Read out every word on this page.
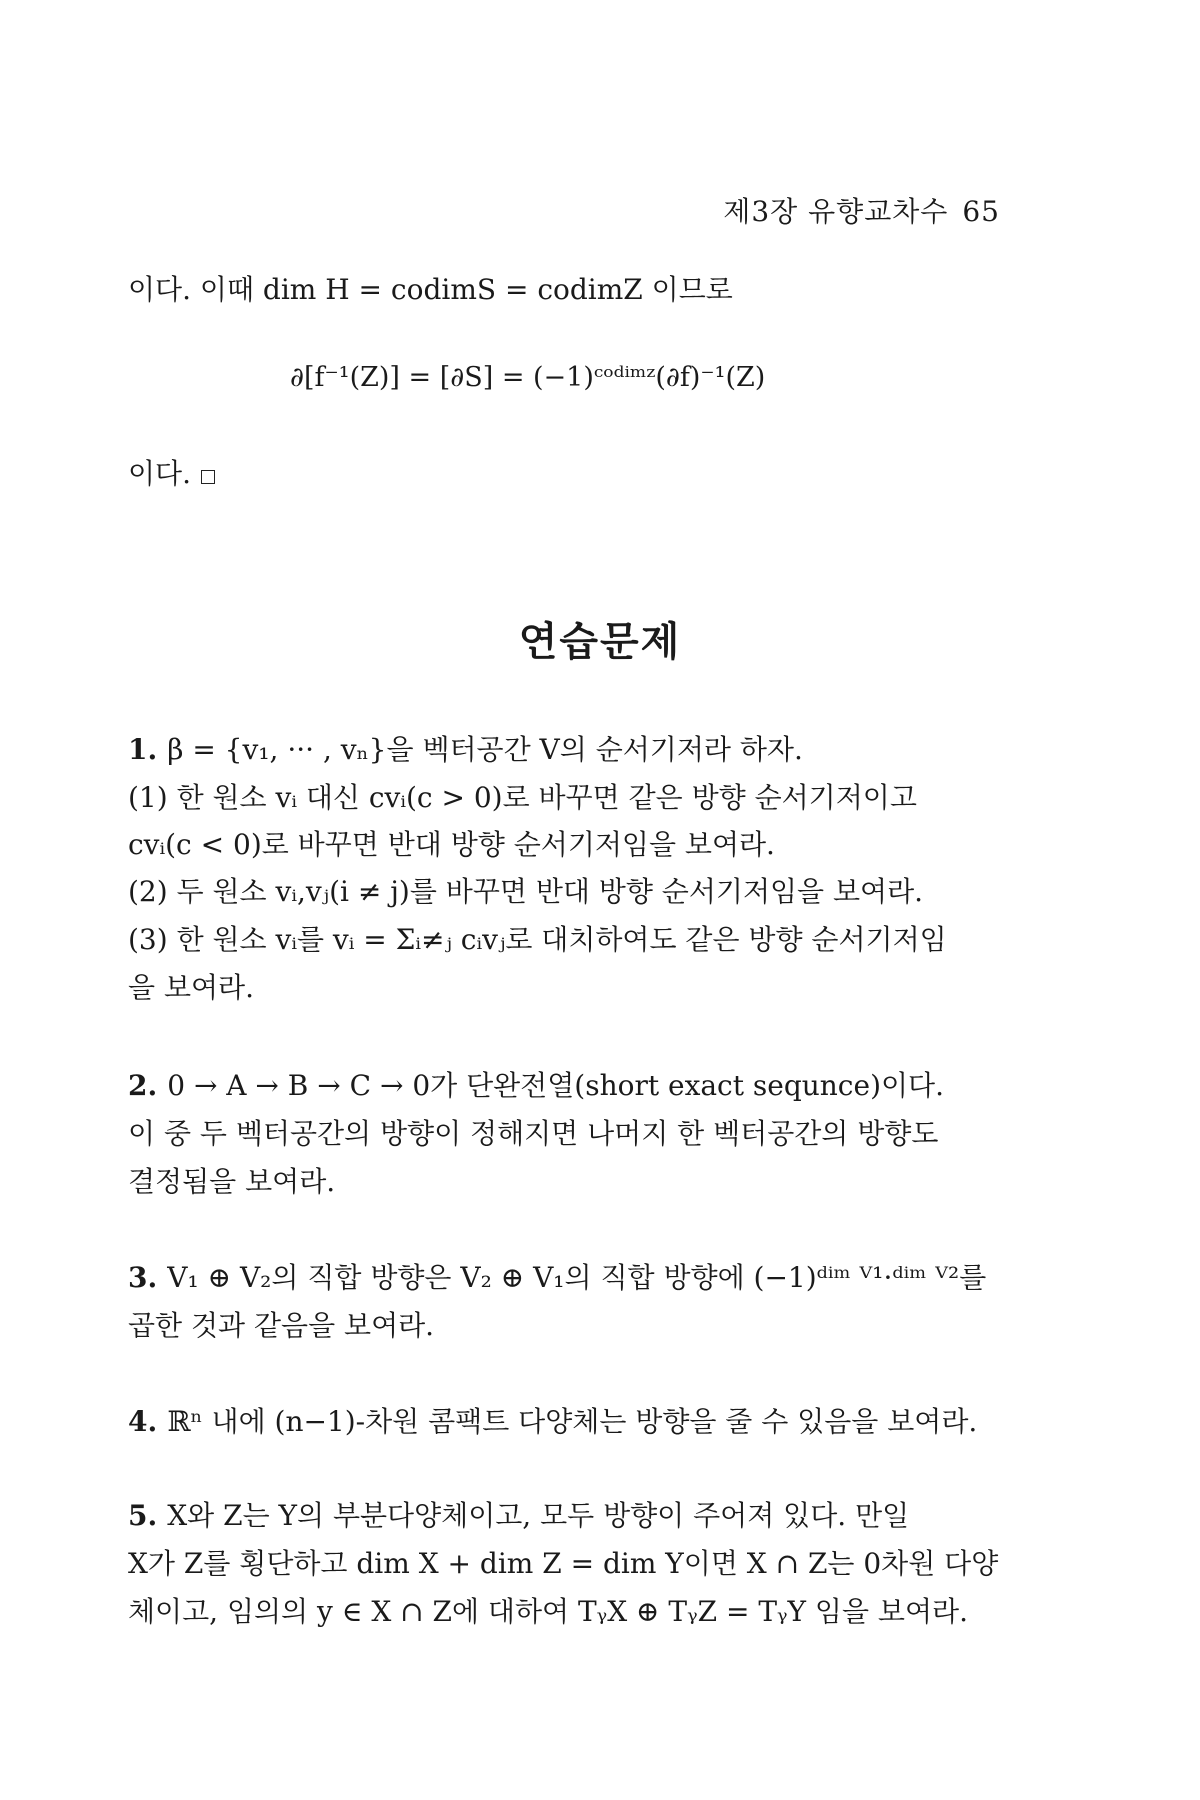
제3장 유향교차수 65
이다. 이때 dim H = codimS = codimZ 이므로
∂[f⁻¹(Z)] = [∂S] = (−1)ᶜᵒᵈⁱᵐᶻ(∂f)⁻¹(Z)
이다.
연습문제
1. β = {v₁, ··· , vₙ}을 벡터공간 V의 순서기저라 하자.
(1) 한 원소 vᵢ 대신 cvᵢ(c > 0)로 바꾸면 같은 방향 순서기저이고
cvᵢ(c < 0)로 바꾸면 반대 방향 순서기저임을 보여라.
(2) 두 원소 vᵢ,vⱼ(i ≠ j)를 바꾸면 반대 방향 순서기저임을 보여라.
(3) 한 원소 vᵢ를 vᵢ = Σᵢ≠ⱼ cᵢvⱼ로 대치하여도 같은 방향 순서기저임
을 보여라.
2. 0 → A → B → C → 0가 단완전열(short exact sequnce)이다.
이 중 두 벡터공간의 방향이 정해지면 나머지 한 벡터공간의 방향도
결정됨을 보여라.
3. V₁ ⊕ V₂의 직합 방향은 V₂ ⊕ V₁의 직합 방향에 (−1)ᵈⁱᵐ ⱽ¹·ᵈⁱᵐ ⱽ²를
곱한 것과 같음을 보여라.
4. ℝⁿ 내에 (n−1)-차원 콤팩트 다양체는 방향을 줄 수 있음을 보여라.
5. X와 Z는 Y의 부분다양체이고, 모두 방향이 주어져 있다. 만일
X가 Z를 횡단하고 dim X + dim Z = dim Y이면 X ∩ Z는 0차원 다양
체이고, 임의의 y ∈ X ∩ Z에 대하여 TᵧX ⊕ TᵧZ = TᵧY 임을 보여라.
